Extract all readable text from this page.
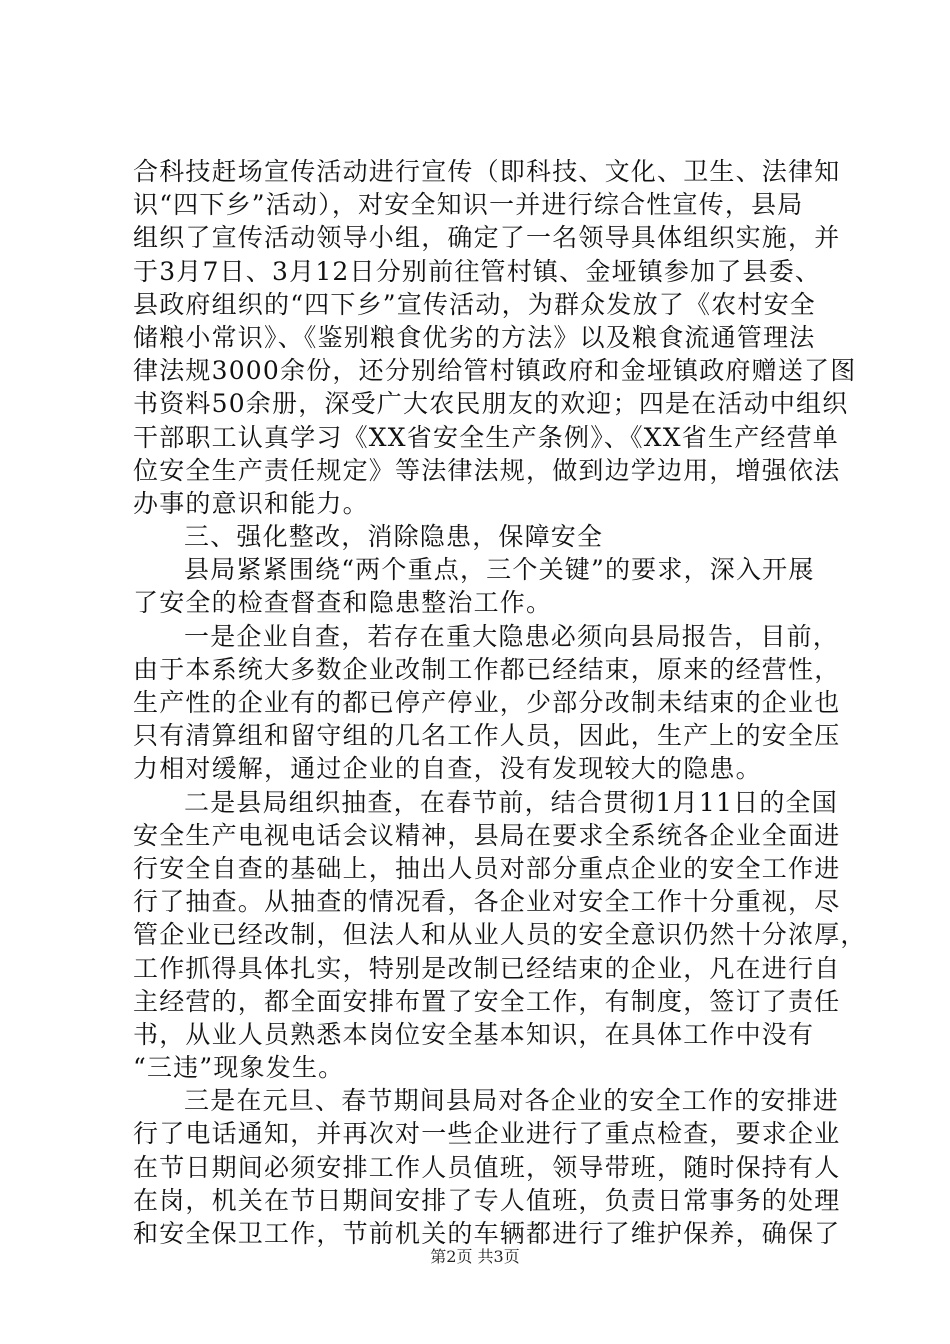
合科技赶场宣传活动进行宣传（即科技、文化、卫生、法律知
识“四下乡”活动），对安全知识一并进行综合性宣传，县局
组织了宣传活动领导小组，确定了一名领导具体组织实施，并
于3月7日、3月12日分别前往管村镇、金垭镇参加了县委、
县政府组织的“四下乡”宣传活动，为群众发放了《农村安全
储粮小常识》、《鉴别粮食优劣的方法》以及粮食流通管理法
律法规3000余份，还分别给管村镇政府和金垭镇政府赠送了图
书资料50余册，深受广大农民朋友的欢迎；四是在活动中组织
干部职工认真学习《XX省安全生产条例》、《XX省生产经营单
位安全生产责任规定》等法律法规，做到边学边用，增强依法
办事的意识和能力。
三、强化整改，消除隐患，保障安全
县局紧紧围绕“两个重点，三个关键”的要求，深入开展
了安全的检查督查和隐患整治工作。
一是企业自查，若存在重大隐患必须向县局报告，目前，
由于本系统大多数企业改制工作都已经结束，原来的经营性，
生产性的企业有的都已停产停业，少部分改制未结束的企业也
只有清算组和留守组的几名工作人员，因此，生产上的安全压
力相对缓解，通过企业的自查，没有发现较大的隐患。
二是县局组织抽查，在春节前，结合贯彻1月11日的全国
安全生产电视电话会议精神，县局在要求全系统各企业全面进
行安全自查的基础上，抽出人员对部分重点企业的安全工作进
行了抽查。从抽查的情况看，各企业对安全工作十分重视，尽
管企业已经改制，但法人和从业人员的安全意识仍然十分浓厚，
工作抓得具体扎实，特别是改制已经结束的企业，凡在进行自
主经营的，都全面安排布置了安全工作，有制度，签订了责任
书，从业人员熟悉本岗位安全基本知识，在具体工作中没有
“三违”现象发生。
三是在元旦、春节期间县局对各企业的安全工作的安排进
行了电话通知，并再次对一些企业进行了重点检查，要求企业
在节日期间必须安排工作人员值班，领导带班，随时保持有人
在岗，机关在节日期间安排了专人值班，负责日常事务的处理
和安全保卫工作，节前机关的车辆都进行了维护保养，确保了
第2页 共3页
